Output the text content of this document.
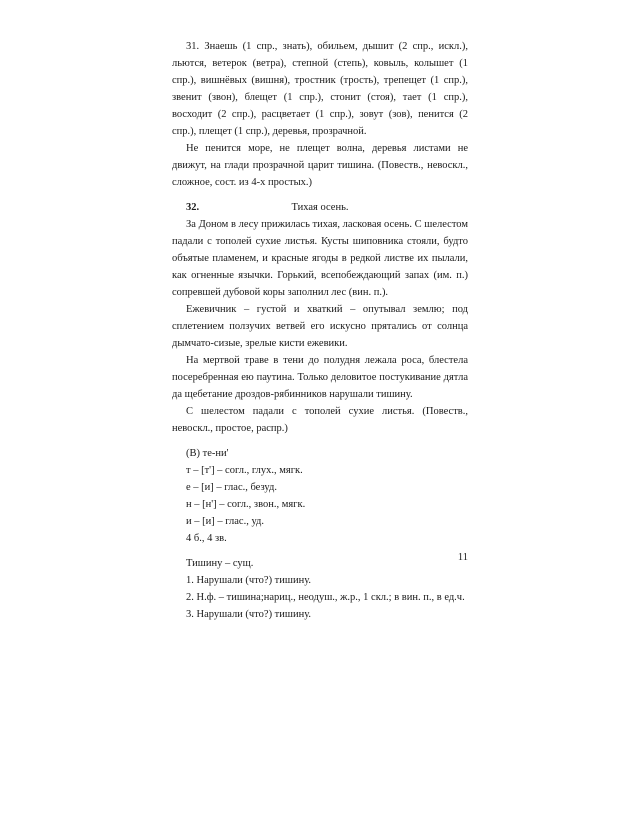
31. Знаешь (1 спр., знать), обильем, дышит (2 спр., искл.), льются, ветерок (ветра), степной (степь), ковыль, колышет (1 спр.), вишнёвых (вишня), тростник (трость), трепещет (1 спр.), звенит (звон), блещет (1 спр.), стонит (стоя), тает (1 спр.), восходит (2 спр.), расцветает (1 спр.), зовут (зов), пенится (2 спр.), плещет (1 спр.), деревья, прозрачной.

Не пенится море, не плещет волна, деревья листами не движут, на глади прозрачной царит тишина. (Повеств., невоскл., сложное, сост. из 4-х простых.)

Тихая осень.
32.

За Доном в лесу прижилась тихая, ласковая осень. С шелестом падали с тополей сухие листья. Кусты шиповника стояли, будто объятые пламенем, и красные ягоды в редкой листве их пылали, как огненные язычки. Горький, всепобеждающий запах (им. п.) сопревшей дубовой коры заполнил лес (вин. п.).

Ежевичник – густой и хваткий – опутывал землю; под сплетением ползучих ветвей его искусно прятались от солнца дымчато-сизые, зрелые кисти ежевики.

На мертвой траве в тени до полудня лежала роса, блестела посеребренная ею паутина. Только деловитое постукивание дятла да щебетание дроздов-рябинников нарушали тишину.

С шелестом падали с тополей сухие листья. (Повеств., невоскл., простое, распр.)

(В) те-ни'

т – [т'] – согл., глух., мягк.

е – [и] – глас., безуд.

н – [н'] – согл., звон., мягк.

и – [и] – глас., уд.

4 б., 4 зв.

Тишину – сущ.

1. Нарушали (что?) тишину.

2. Н.ф. – тишина;нариц., неодуш., ж.р., 1 скл.; в вин. п., в ед.ч.

3. Нарушали (что?) тишину.

11
